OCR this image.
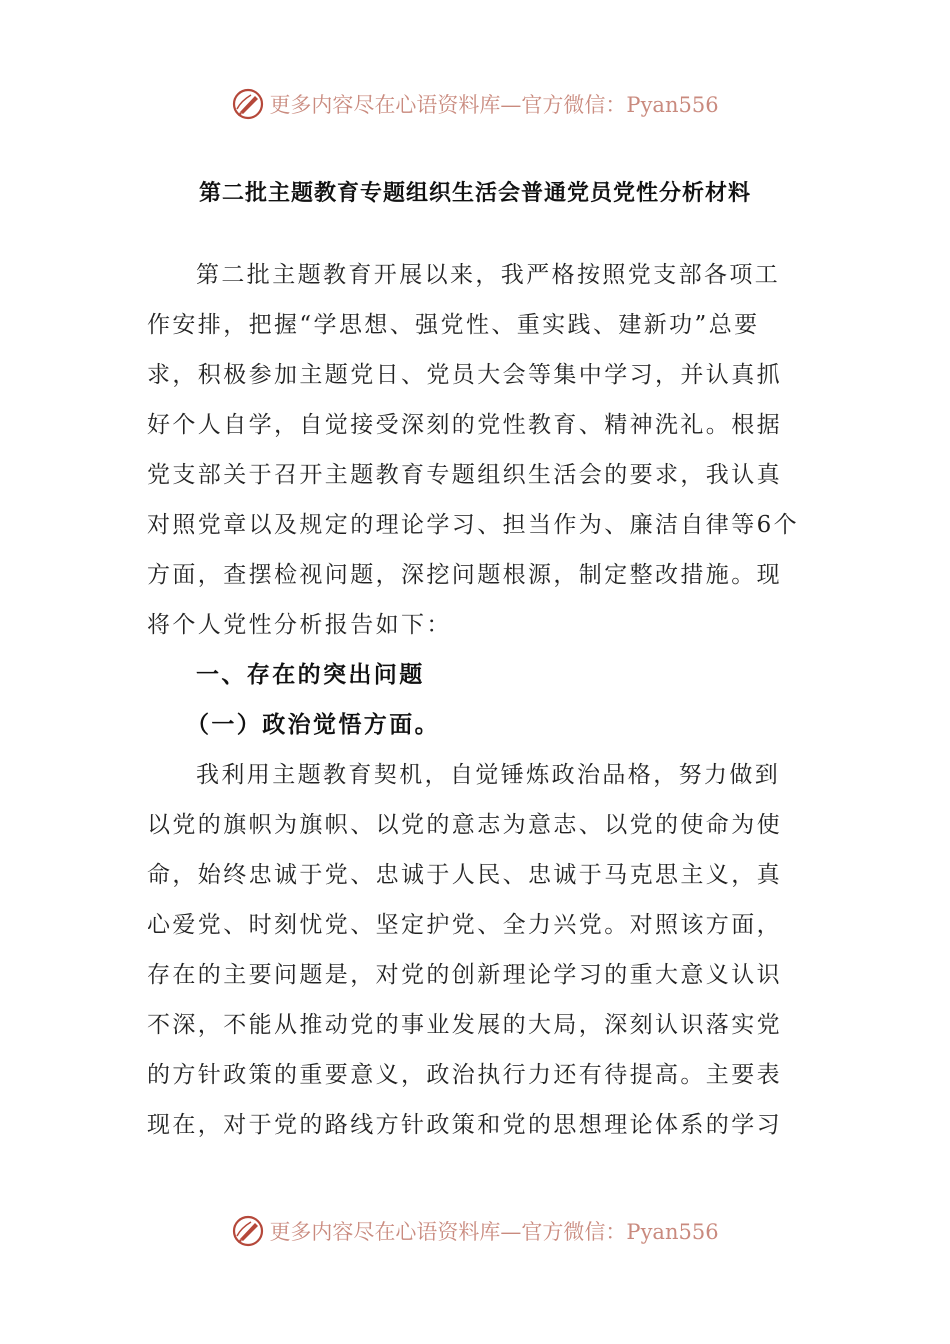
更多内容尽在心语资料库—官方微信：Pyan556
第二批主题教育专题组织生活会普通党员党性分析材料
第二批主题教育开展以来，我严格按照党支部各项工
作安排，把握“学思想、强党性、重实践、建新功”总要
求，积极参加主题党日、党员大会等集中学习，并认真抓
好个人自学，自觉接受深刻的党性教育、精神洗礼。根据
党支部关于召开主题教育专题组织生活会的要求，我认真
对照党章以及规定的理论学习、担当作为、廉洁自律等6个
方面，查摆检视问题，深挖问题根源，制定整改措施。现
将个人党性分析报告如下：
一、存在的突出问题
（一）政治觉悟方面。
我利用主题教育契机，自觉锤炼政治品格，努力做到
以党的旗帜为旗帜、以党的意志为意志、以党的使命为使
命，始终忠诚于党、忠诚于人民、忠诚于马克思主义，真
心爱党、时刻忧党、坚定护党、全力兴党。对照该方面，
存在的主要问题是，对党的创新理论学习的重大意义认识
不深，不能从推动党的事业发展的大局，深刻认识落实党
的方针政策的重要意义，政治执行力还有待提高。主要表
现在，对于党的路线方针政策和党的思想理论体系的学习
更多内容尽在心语资料库—官方微信：Pyan556
